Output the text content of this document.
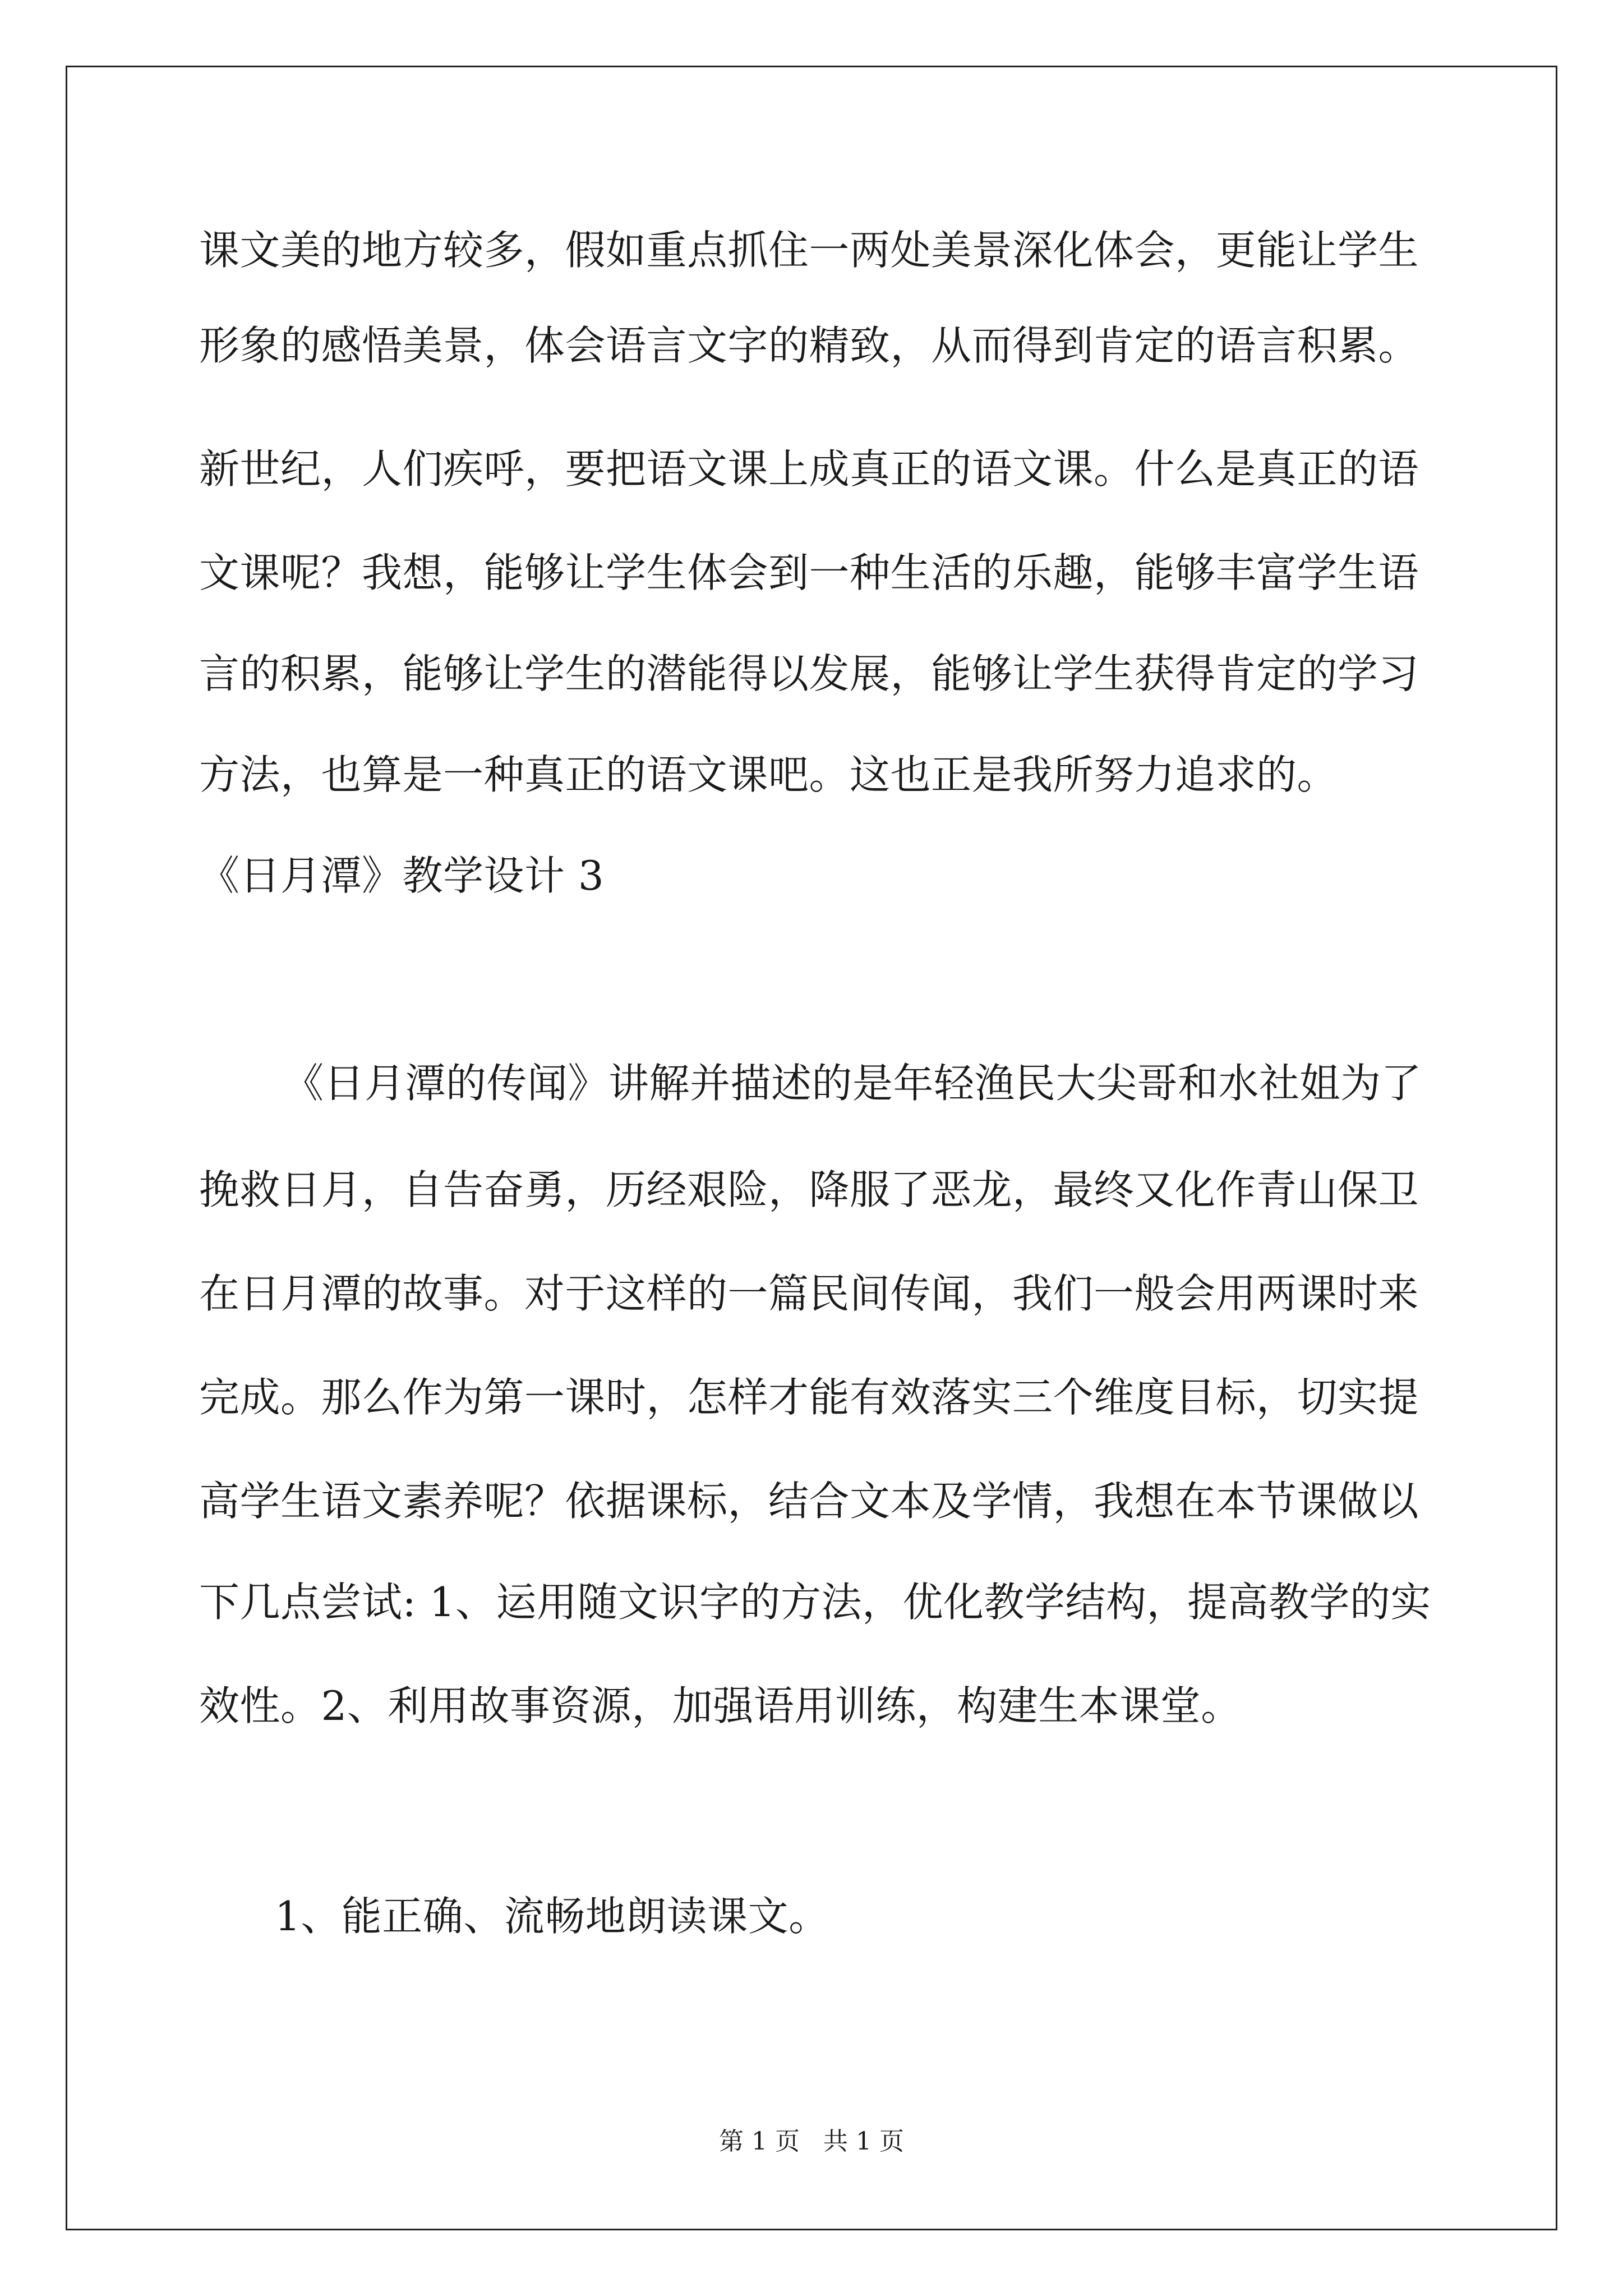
课文美的地方较多，假如重点抓住一两处美景深化体会，更能让学生
形象的感悟美景，体会语言文字的精致，从而得到肯定的语言积累。
新世纪，人们疾呼，要把语文课上成真正的语文课。什么是真正的语
文课呢？我想，能够让学生体会到一种生活的乐趣，能够丰富学生语
言的积累，能够让学生的潜能得以发展，能够让学生获得肯定的学习
方法，也算是一种真正的语文课吧。这也正是我所努力追求的。
《日月潭》教学设计 3
《日月潭的传闻》讲解并描述的是年轻渔民大尖哥和水社姐为了
挽救日月，自告奋勇，历经艰险，降服了恶龙，最终又化作青山保卫
在日月潭的故事。对于这样的一篇民间传闻，我们一般会用两课时来
完成。那么作为第一课时，怎样才能有效落实三个维度目标，切实提
高学生语文素养呢？依据课标，结合文本及学情，我想在本节课做以
下几点尝试: 1、运用随文识字的方法，优化教学结构，提高教学的实
效性。2、利用故事资源，加强语用训练，构建生本课堂。
1、能正确、流畅地朗读课文。
第 1 页   共 1 页
